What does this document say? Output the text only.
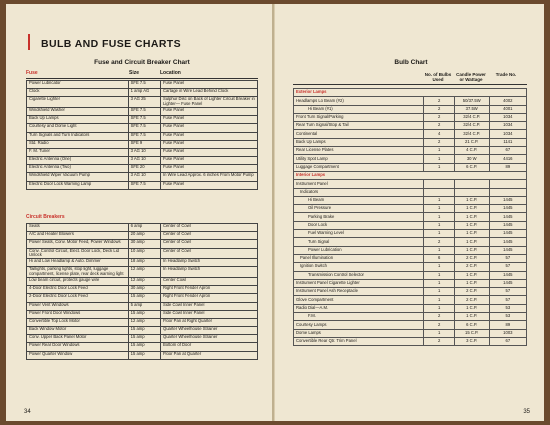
BULB AND FUSE CHARTS
Fuse and Circuit Breaker Chart
Fuse	Size	Location
Power Lubricator	SFE 7.5	Fuse Panel
Clock	1 amp AG	Cartage in Wire Lead Behind Clock
Cigarette Lighter	3 AG 25	Sulphur Disc on Back of Lighter Circuit Breaker in Lighter— Fuse Panel
Windshield Washer	SFE 7.5	Fuse Panel
Back Up Lamps	SFE 7.5	Fuse Panel
Courtesy and Dome Light	SFE 7.5	Fuse Panel
Turn Signals and Turn Indicators	SFE 7.5	Fuse Panel
Std. Radio	SFE 9	Fuse Panel
F. M. Tuner	3 AG 10	Fuse Panel
Electric Antenna (One)	3 AG 10	Fuse Panel
Electric Antenna (Two)	SFE 20	Fuse Panel
Windshield Wiper Vacuum Pump	3 AG 10	In Wire Lead Approx. 6 inches From Motor Pump
Electric Door Lock Warning Lamp	SFE 7.5	Fuse Panel
Circuit Breakers
Seats	6 amp	Center of Cowl
A/C and Heater Blowers	20 amp	Center of Cowl
Power Seats, Conv. Motor Feed, Power Windows	30 amp	Center of Cowl
Conv. Control Circuit, Elect. Door Lock, Deck Lid Unlock	10 amp	Center of Cowl
Hi and Low Headlamp & Auto. Dimmer	18 amp	In Headlamp Switch
Taillights, parking lights, stop light, luggage compartment, license plate, rear deck warning light	12 amp	In Headlamp Switch
Low beam circuit, protects gauge wire	12 amp	Center Cowl
4-Door Electric Door Lock Feed	30 amp	Right Front Fender Apron
2-Door Electric Door Lock Feed	15 amp	Right Front Fender Apron
Power Vent Windows	5 amp	Side Cowl Inner Panel
Power Front Door Windows	15 amp	Side Cowl Inner Panel
Convertible Top Lock Motor	12 amp	Floor Pan at Right Quarter
Back Window Motor	15 amp	Quarter Wheelhouse Strainer
Conv. Upper Back Panel Motor	15 amp	Quarter Wheelhouse Strainer
Power Rear Door Windows	15 amp	Bottom of Door
Power Quarter Window	15 amp	Floor Pan at Quarter
34
Bulb Chart
No. of Bulbs Used
Candle Power or Wattage
Trade No.
Exterior Lamps			
Headlamps Lo Beam (#2)	2	50/37.5W	4002
Hi Beam (#1)	2	37.5W	4001
Front Turn Signal/Parking	2	32/4 C.P.	1034
Rear Turn Signal/Stop & Tail	2	32/4 C.P.	1034
Continental	4	32/4 C.P.	1034
Back Up Lamps	2	21 C.P.	1141
Rear License Plates	1	4 C.P.	67
Utility Spot Lamp	1	30 W	4416
Luggage Compartment	1	6 C.P.	89
Interior Lamps			
Instrument Panel			
Indicators			
Hi Beam	1	1 C.P.	1445
Oil Pressure	1	1 C.P.	1445
Parking Brake	1	1 C.P.	1445
Door Lock	1	1 C.P.	1445
Fuel Warning Level	1	1 C.P.	1445
Turn Signal	2	1 C.P.	1445
Power Lubrication	1	1 C.P.	1445
Panel Illumination	6	2 C.P.	57
Ignition Switch	1	2 C.P.	57
Transmission Control Selector	1	1 C.P.	1445
Instrument Panel Cigarette Lighter	1	1 C.P.	1445
Instrument Panel Ash Receptacle	1	2 C.P.	57
Glove Compartment	1	2 C.P.	57
Radio Dial—A.M.	1	1 C.P.	53
F.M.	2	1 C.P.	53
Courtesy Lamps	2	6 C.P.	89
Dome Lamps	1	15 C.P.	1003
Convertible Rear Qtr. Trim Panel	2	3 C.P.	67
35
